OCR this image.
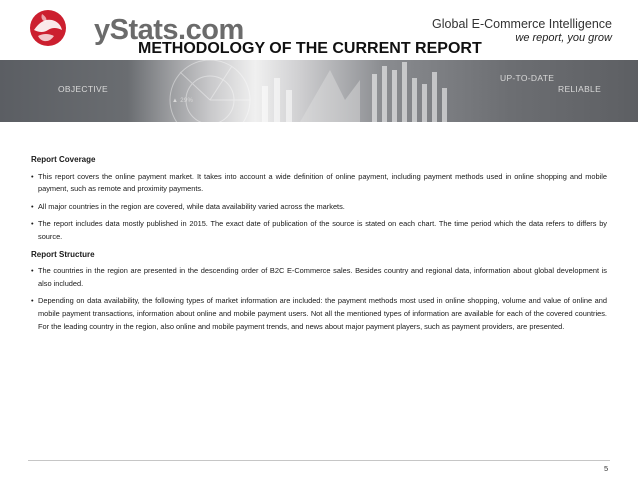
yStats.com	Global E-Commerce Intelligence
we report, you grow
METHODOLOGY OF THE CURRENT REPORT
OBJECTIVE
▲ 29%
UP-TO-DATE
RELIABLE
Report Coverage
• This report covers the online payment market. It takes into account a wide definition of online payment, including payment methods used in online shopping and mobile payment, such as remote and proximity payments.
• All major countries in the region are covered, while data availability varied across the markets.
• The report includes data mostly published in 2015. The exact date of publication of the source is stated on each chart. The time period which the data refers to differs by source.
Report Structure
• The countries in the region are presented in the descending order of B2C E-Commerce sales. Besides country and regional data, information about global development is also included.
• Depending on data availability, the following types of market information are included: the payment methods most used in online shopping, volume and value of online and mobile payment transactions, information about online and mobile payment users. Not all the mentioned types of information are available for each of the covered countries. For the leading country in the region, also online and mobile payment trends, and news about major payment players, such as payment providers, are presented.
5
